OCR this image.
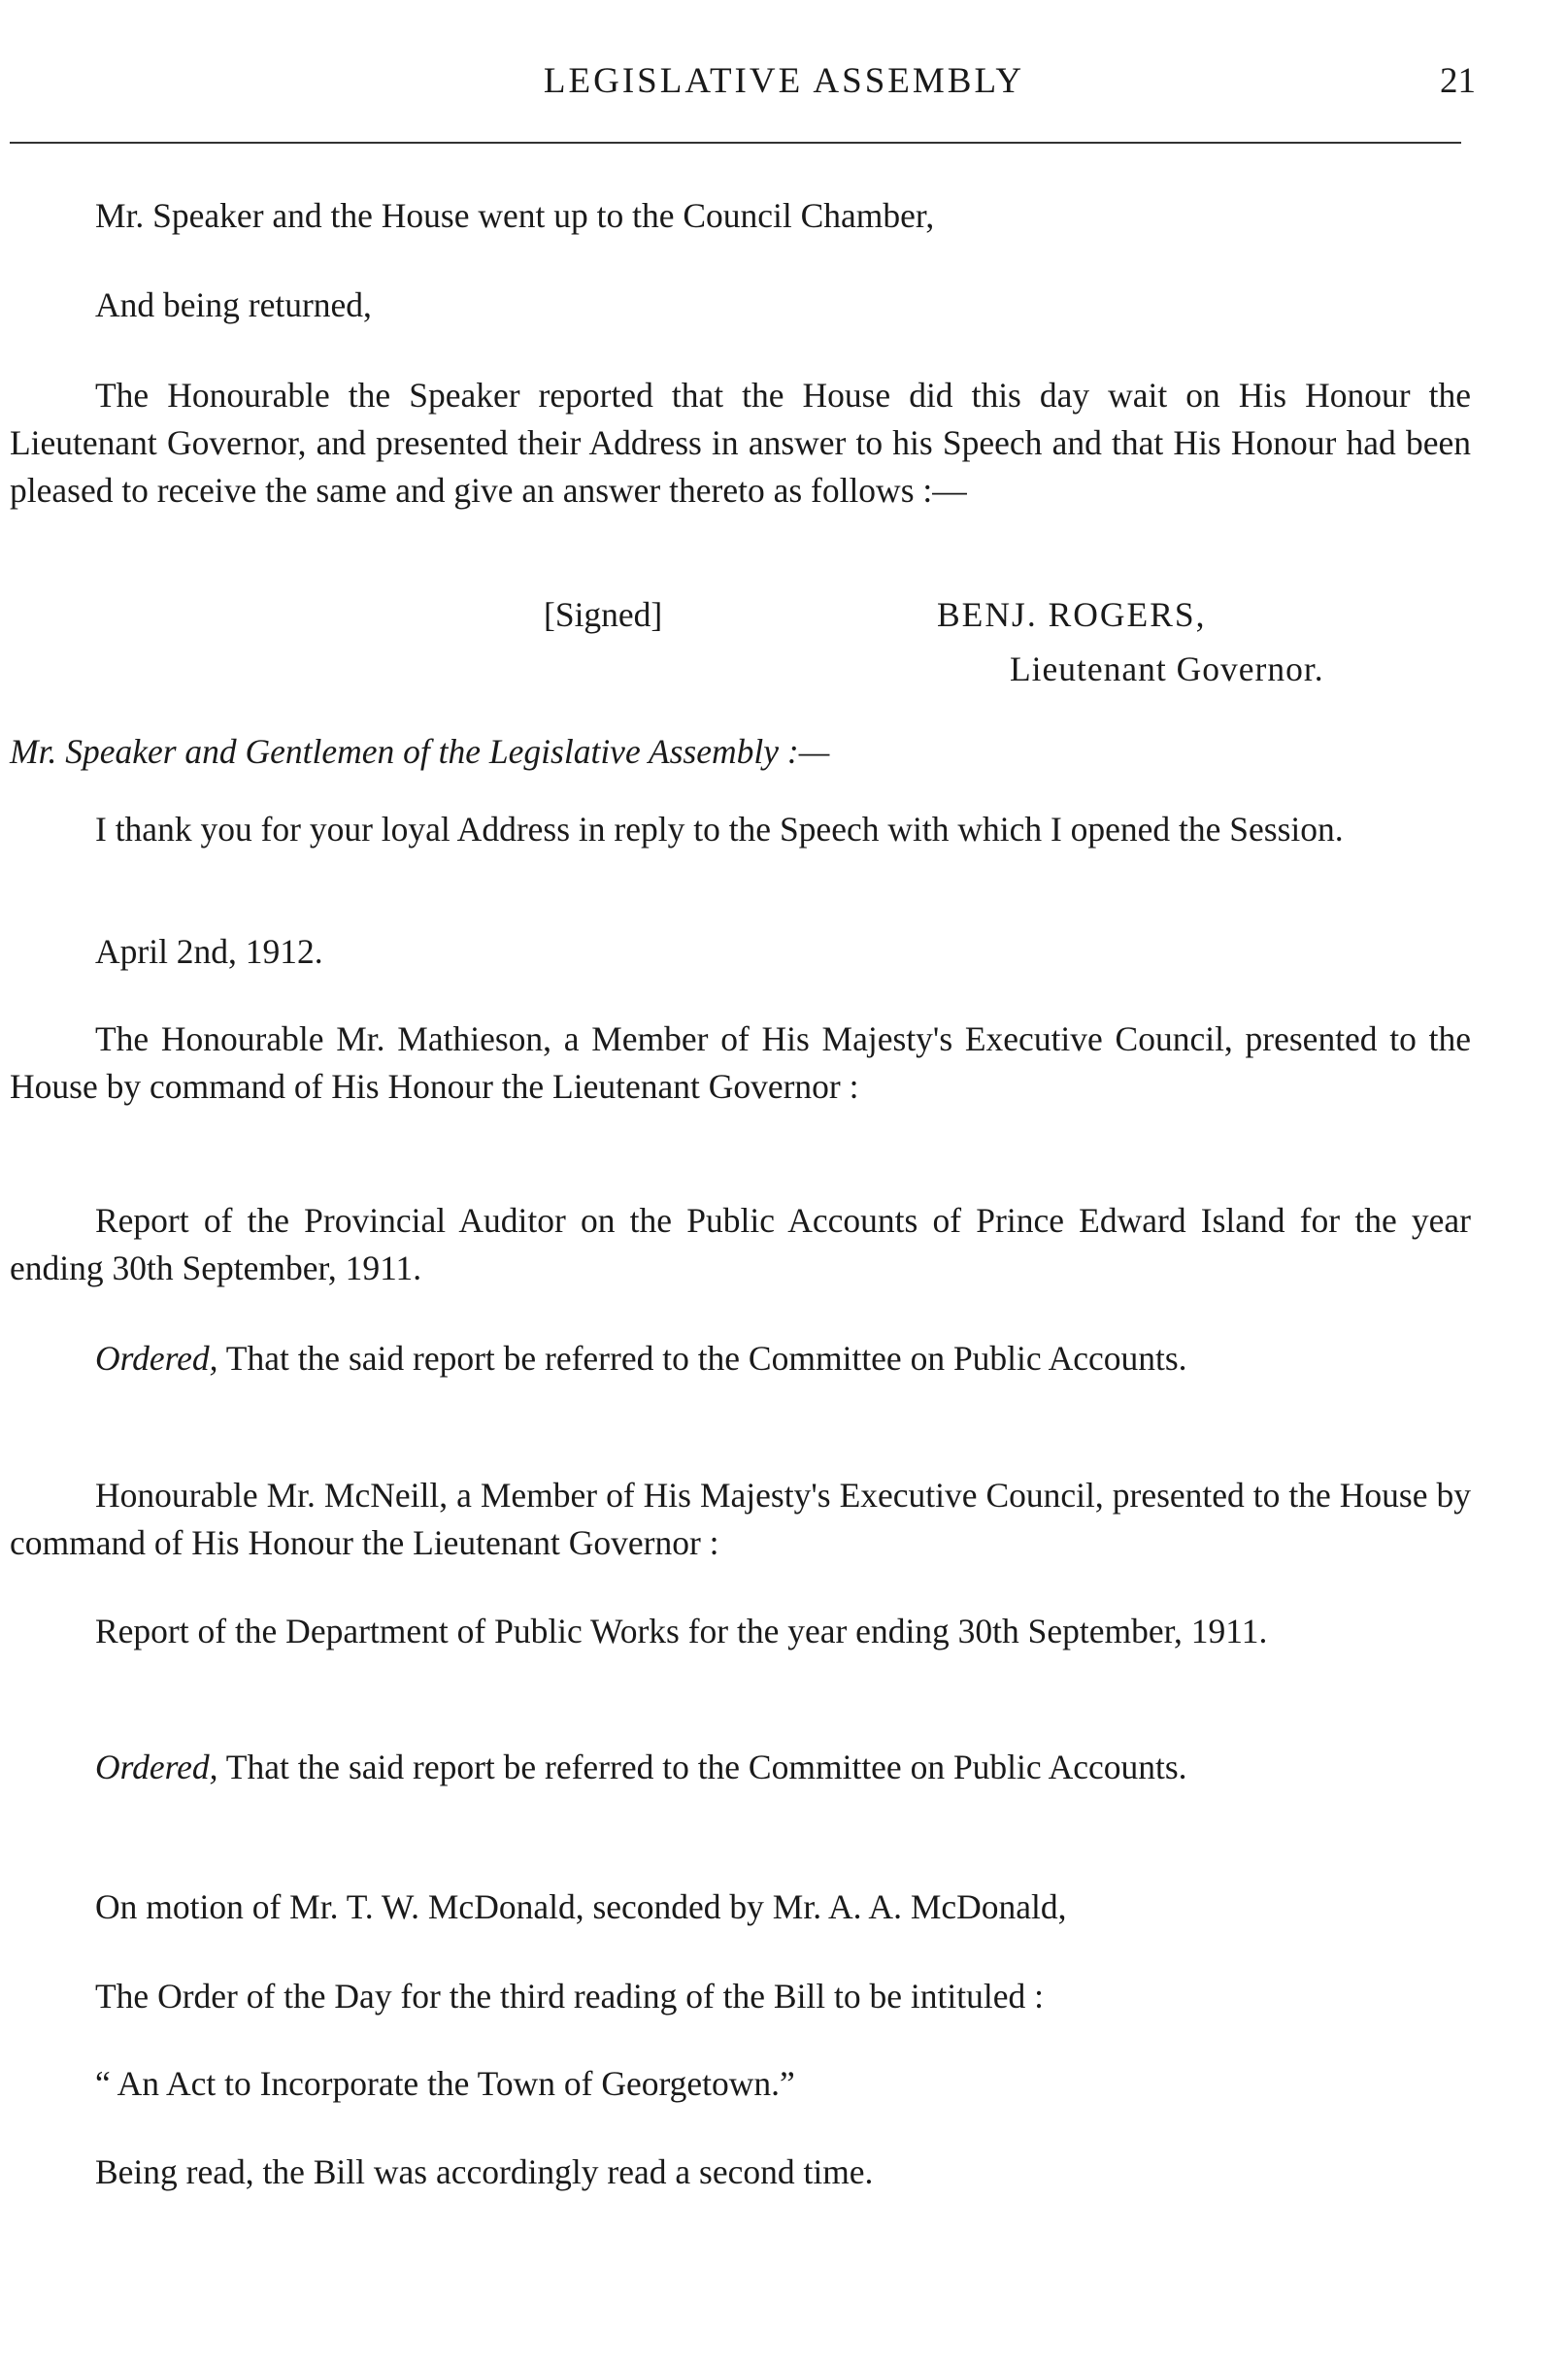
LEGISLATIVE ASSEMBLY	21

Mr. Speaker and the House went up to the Council Chamber,

And being returned,

The Honourable the Speaker reported that the House did this day wait on His Honour the Lieutenant Governor, and presented their Address in answer to his Speech and that His Honour had been pleased to receive the same and give an answer thereto as follows :—

[Signed]	BENJ. ROGERS,
Lieutenant Governor.

Mr. Speaker and Gentlemen of the Legislative Assembly :—

I thank you for your loyal Address in reply to the Speech with which I opened the Session.

April 2nd, 1912.

The Honourable Mr. Mathieson, a Member of His Majesty's Executive Council, presented to the House by command of His Honour the Lieutenant Governor :

Report of the Provincial Auditor on the Public Accounts of Prince Edward Island for the year ending 30th September, 1911.

Ordered, That the said report be referred to the Committee on Public Accounts.

Honourable Mr. McNeill, a Member of His Majesty's Executive Council, presented to the House by command of His Honour the Lieutenant Governor :

Report of the Department of Public Works for the year ending 30th September, 1911.

Ordered, That the said report be referred to the Committee on Public Accounts.

On motion of Mr. T. W. McDonald, seconded by Mr. A. A. McDonald,

The Order of the Day for the third reading of the Bill to be intituled :

“ An Act to Incorporate the Town of Georgetown.”

Being read, the Bill was accordingly read a second time.
